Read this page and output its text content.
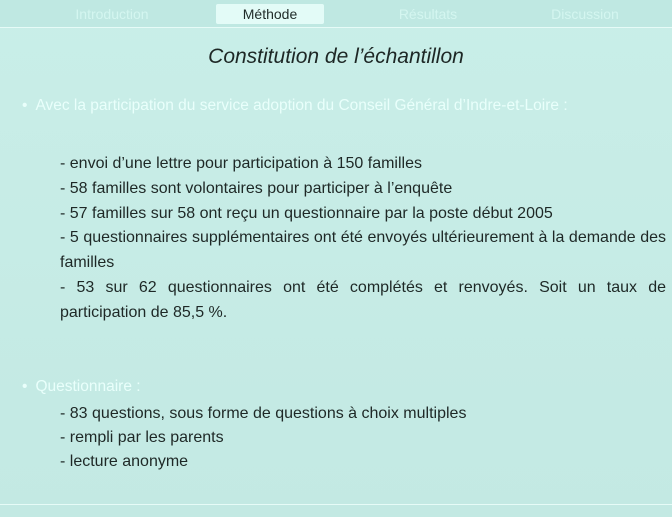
Introduction	Méthode	Résultats	Discussion
Constitution de l’échantillon
• Avec la participation du service adoption du Conseil Général d’Indre-et-Loire :
- envoi d’une lettre pour participation à 150 familles
- 58 familles sont volontaires pour participer à l’enquête
- 57 familles sur 58 ont reçu un questionnaire par la poste début 2005
- 5 questionnaires supplémentaires ont été envoyés ultérieurement à la demande des familles
- 53 sur 62 questionnaires ont été complétés et renvoyés. Soit un taux de participation de 85,5 %.
• Questionnaire :
- 83 questions, sous forme de questions à choix multiples
- rempli par les parents
- lecture anonyme
